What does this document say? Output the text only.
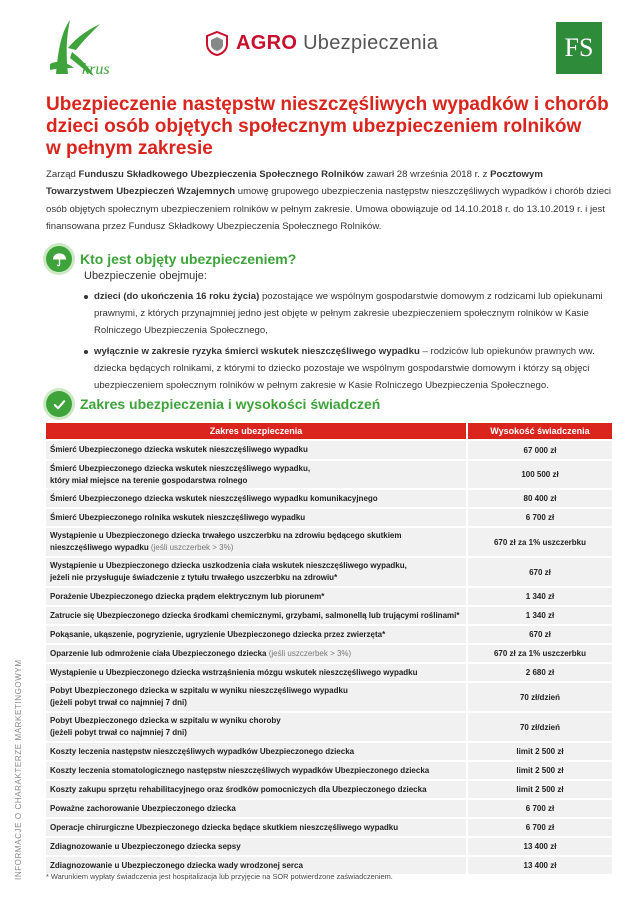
krus
AGRO Ubezpieczenia	FS
Ubezpieczenie następstw nieszczęśliwych wypadków i chorób
dzieci osób objętych społecznym ubezpieczeniem rolników
w pełnym zakresie
Zarząd Funduszu Składkowego Ubezpieczenia Społecznego Rolników zawarł 28 września 2018 r. z Pocztowym Towarzystwem Ubezpieczeń Wzajemnych umowę grupowego ubezpieczenia następstw nieszczęśliwych wypadków i chorób dzieci osób objętych społecznym ubezpieczeniem rolników w pełnym zakresie. Umowa obowiązuje od 14.10.2018 r. do 13.10.2019 r. i jest finansowana przez Fundusz Składkowy Ubezpieczenia Społecznego Rolników.
Kto jest objęty ubezpieczeniem?
Ubezpieczenie obejmuje:
dzieci (do ukończenia 16 roku życia) pozostające we wspólnym gospodarstwie domowym z rodzicami lub opiekunami prawnymi, z których przynajmniej jedno jest objęte w pełnym zakresie ubezpieczeniem społecznym rolników w Kasie Rolniczego Ubezpieczenia Społecznego,
wyłącznie w zakresie ryzyka śmierci wskutek nieszczęśliwego wypadku – rodziców lub opiekunów prawnych ww. dziecka będących rolnikami, z którymi to dziecko pozostaje we wspólnym gospodarstwie domowym i którzy są objęci ubezpieczeniem społecznym rolników w pełnym zakresie w Kasie Rolniczego Ubezpieczenia Społecznego.
Zakres ubezpieczenia i wysokości świadczeń
Zakres ubezpieczenia	Wysokość świadczenia
Śmierć Ubezpieczonego dziecka wskutek nieszczęśliwego wypadku	67 000 zł
Śmierć Ubezpieczonego dziecka wskutek nieszczęśliwego wypadku,
który miał miejsce na terenie gospodarstwa rolnego
100 500 zł
Śmierć Ubezpieczonego dziecka wskutek nieszczęśliwego wypadku komunikacyjnego	80 400 zł
Śmierć Ubezpieczonego rolnika wskutek nieszczęśliwego wypadku	6 700 zł
Wystąpienie u Ubezpieczonego dziecka trwałego uszczerbku na zdrowiu będącego skutkiem
nieszczęśliwego wypadku (jeśli uszczerbek > 3%)
670 zł za 1% uszczerbku
Wystąpienie u Ubezpieczonego dziecka uszkodzenia ciała wskutek nieszczęśliwego wypadku,
jeżeli nie przysługuje świadczenie z tytułu trwałego uszczerbku na zdrowiu*
670 zł
Porażenie Ubezpieczonego dziecka prądem elektrycznym lub piorunem*	1 340 zł
Zatrucie się Ubezpieczonego dziecka środkami chemicznymi, grzybami, salmonellą lub trującymi roślinami*	1 340 zł
Pokąsanie, ukąszenie, pogryzienie, ugryzienie Ubezpieczonego dziecka przez zwierzęta*	670 zł
Oparzenie lub odmrożenie ciała Ubezpieczonego dziecka (jeśli uszczerbek > 3%)	670 zł za 1% uszczerbku
Wystąpienie u Ubezpieczonego dziecka wstrząśnienia mózgu wskutek nieszczęśliwego wypadku	2 680 zł
Pobyt Ubezpieczonego dziecka w szpitalu w wyniku nieszczęśliwego wypadku
(jeżeli pobyt trwał co najmniej 7 dni)
70 zł/dzień
Pobyt Ubezpieczonego dziecka w szpitalu w wyniku choroby
(jeżeli pobyt trwał co najmniej 7 dni)
70 zł/dzień
Koszty leczenia następstw nieszczęśliwych wypadków Ubezpieczonego dziecka	limit 2 500 zł
Koszty leczenia stomatologicznego następstw nieszczęśliwych wypadków Ubezpieczonego dziecka	limit 2 500 zł
Koszty zakupu sprzętu rehabilitacyjnego oraz środków pomocniczych dla Ubezpieczonego dziecka	limit 2 500 zł
Poważne zachorowanie Ubezpieczonego dziecka	6 700 zł
Operacje chirurgiczne Ubezpieczonego dziecka będące skutkiem nieszczęśliwego wypadku	6 700 zł
Zdiagnozowanie u Ubezpieczonego dziecka sepsy	13 400 zł
Zdiagnozowanie u Ubezpieczonego dziecka wady wrodzonej serca	13 400 zł
INFORMACJE O CHARAKTERZE MARKETINGOWYM	* Warunkiem wypłaty świadczenia jest hospitalizacja lub przyjęcie na SOR potwierdzone zaświadczeniem.
